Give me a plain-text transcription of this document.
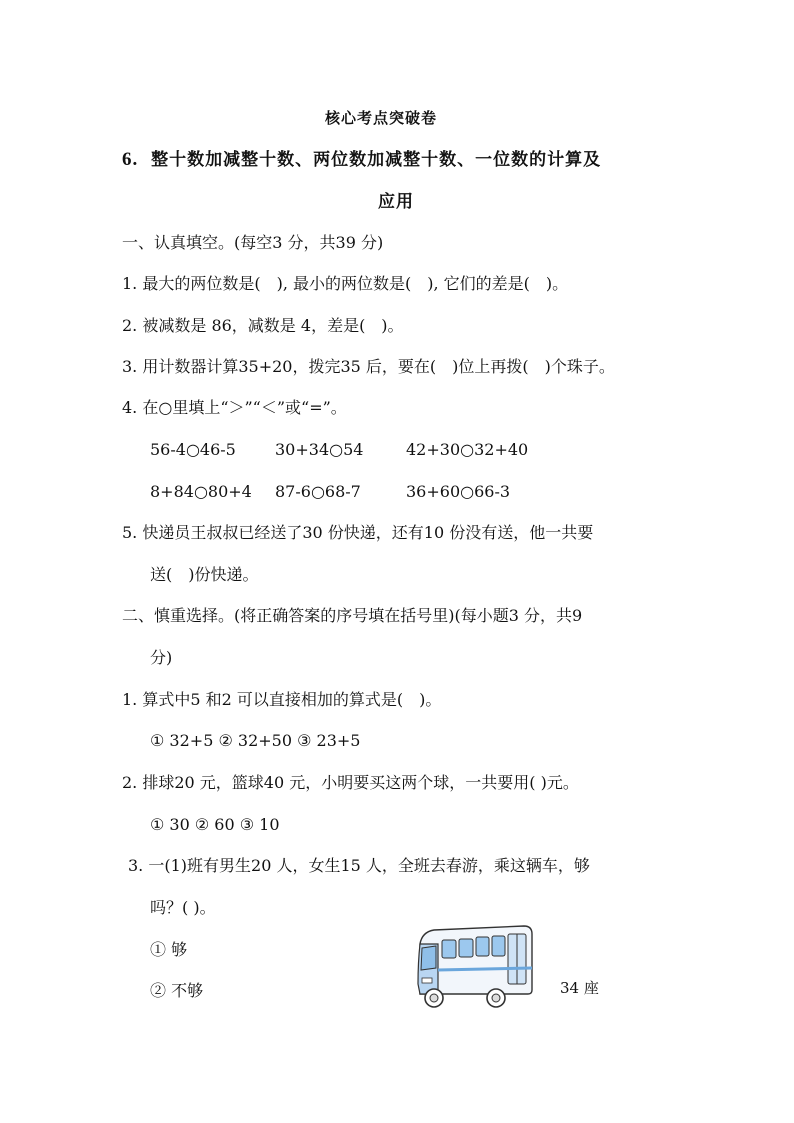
核心考点突破卷
6. 整十数加减整十数、两位数加减整十数、一位数的计算及
应用
一、认真填空。(每空3 分，共39 分)
1. 最大的两位数是(　), 最小的两位数是(　), 它们的差是(　)。
2. 被减数是 86，减数是 4，差是(　)。
3. 用计数器计算35+20，拨完35 后，要在(　)位上再拨(　)个珠子。
4. 在○里填上“＞”“＜”或“=”。
56-4○46-5 30+34○54	42+30○32+40
8+84○80+4 87-6○68-7	36+60○66-3
5. 快递员王叔叔已经送了30 份快递，还有10 份没有送，他一共要
送(　)份快递。
二、慎重选择。(将正确答案的序号填在括号里)(每小题3 分，共9
分)
1. 算式中5 和2 可以直接相加的算式是(　)。
① 32+5 ② 32+50 ③ 23+5
2. 排球20 元，篮球40 元，小明要买这两个球，一共要用( )元。
① 30 ② 60 ③ 10
3. 一(1)班有男生20 人，女生15 人，全班去春游，乘这辆车，够
吗？( )。
① 够
② 不够	34 座
